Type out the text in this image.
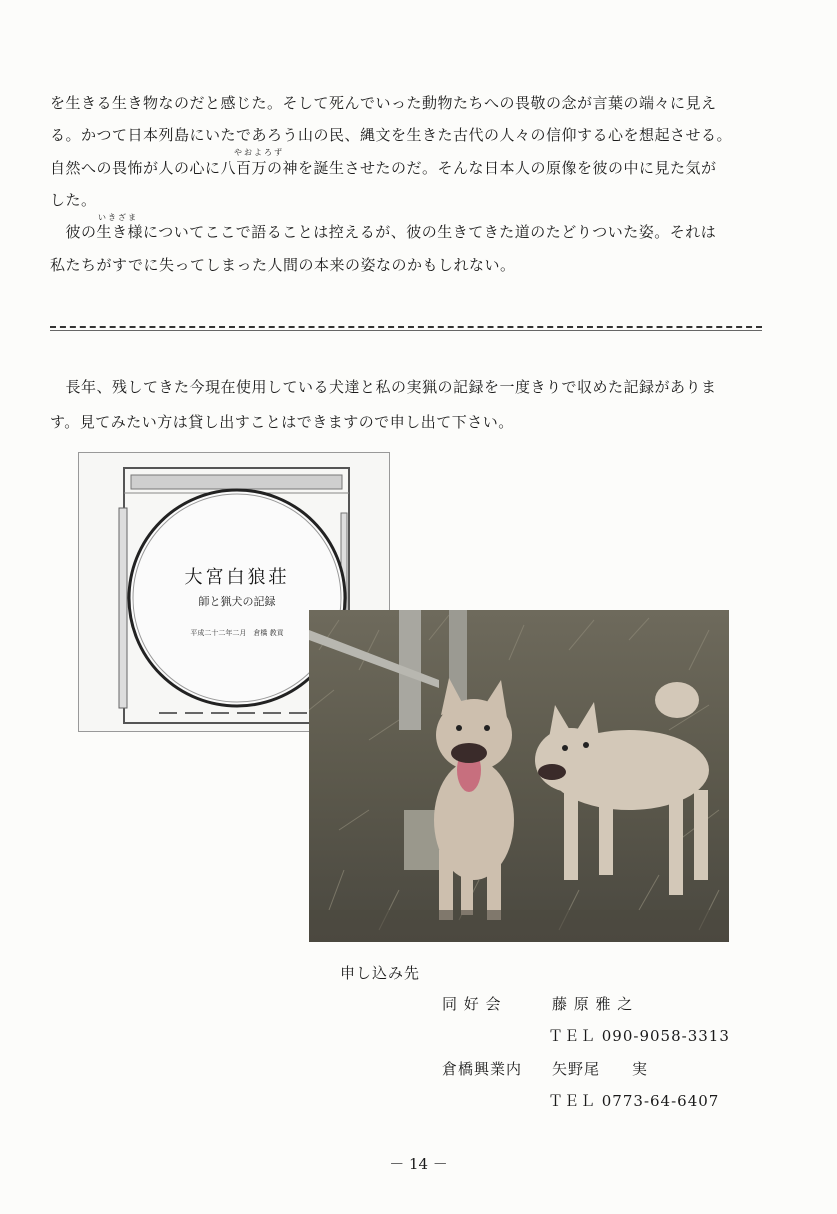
を生きる生き物なのだと感じた。そして死んでいった動物たちへの畏敬の念が言葉の端々に見え
る。かつて日本列島にいたであろう山の民、縄文を生きた古代の人々の信仰する心を想起させる。
やおよろず
自然への畏怖が人の心に八百万の神を誕生させたのだ。そんな日本人の原像を彼の中に見た気が
した。
いきざま
　彼の生き様についてここで語ることは控えるが、彼の生きてきた道のたどりついた姿。それは
私たちがすでに失ってしまった人間の本来の姿なのかもしれない。
　長年、残してきた今現在使用している犬達と私の実猟の記録を一度きりで収めた記録がありま
す。見てみたい方は貸し出すことはできますので申し出て下さい。
大宮白狼荘
師と猟犬の記録
平成二十二年二月　倉橋 教貢
申し込み先
同 好 会	藤 原 雅 之
ＴＥＬ 090-9058-3313
倉橋興業内 矢野尾　　実
ＴＥＬ 0773-64-6407
－ 14 －
